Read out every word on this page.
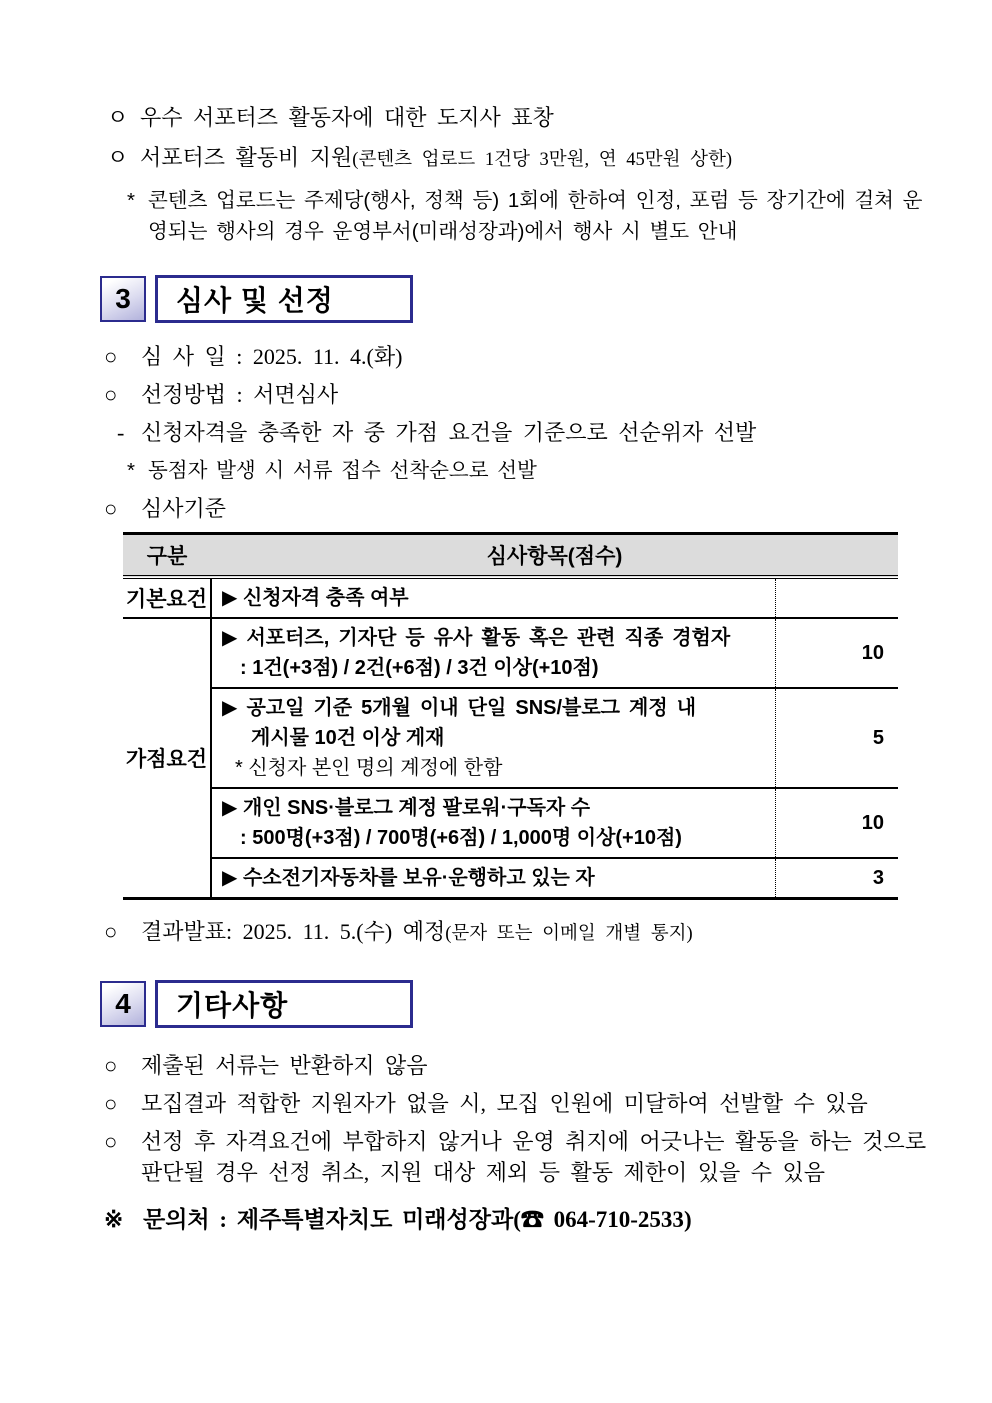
ㅇ 우수 서포터즈 활동자에 대한 도지사 표창
ㅇ 서포터즈 활동비 지원(콘텐츠 업로드 1건당 3만원, 연 45만원 상한)
* 콘텐츠 업로드는 주제당(행사, 정책 등) 1회에 한하여 인정, 포럼 등 장기간에 걸쳐 운영되는 행사의 경우 운영부서(미래성장과)에서 행사 시 별도 안내
3	심사 및 선정
○	심 사 일 : 2025. 11. 4.(화)
○	선정방법 : 서면심사
- 신청자격을 충족한 자 중 가점 요건을 기준으로 선순위자 선발
* 동점자 발생 시 서류 접수 선착순으로 선발
○	심사기준
구분	심사항목(점수)	
기본요건	▶ 신청자격 충족 여부	

가점요건	▶ 서포터즈, 기자단 등 유사 활동 혹은 관련 직종 경험자
: 1건(+3점) / 2건(+6점) / 3건 이상(+10점)	10

	▶ 공고일 기준 5개월 이내 단일 SNS/블로그 계정 내
게시물 10건 이상 게재
* 신청자 본인 명의 계정에 한함	5

	▶ 개인 SNS·블로그 계정 팔로워·구독자 수
: 500명(+3점) / 700명(+6점) / 1,000명 이상(+10점)	10

	▶ 수소전기자동차를 보유·운행하고 있는 자	3
○	결과발표: 2025. 11. 5.(수) 예정(문자 또는 이메일 개별 통지)
4	기타사항
○	제출된 서류는 반환하지 않음
○	모집결과 적합한 지원자가 없을 시, 모집 인원에 미달하여 선발할 수 있음
○	선정 후 자격요건에 부합하지 않거나 운영 취지에 어긋나는 활동을 하는 것으로 판단될 경우 선정 취소, 지원 대상 제외 등 활동 제한이 있을 수 있음
※ 문의처 : 제주특별자치도 미래성장과(☎ 064-710-2533)
